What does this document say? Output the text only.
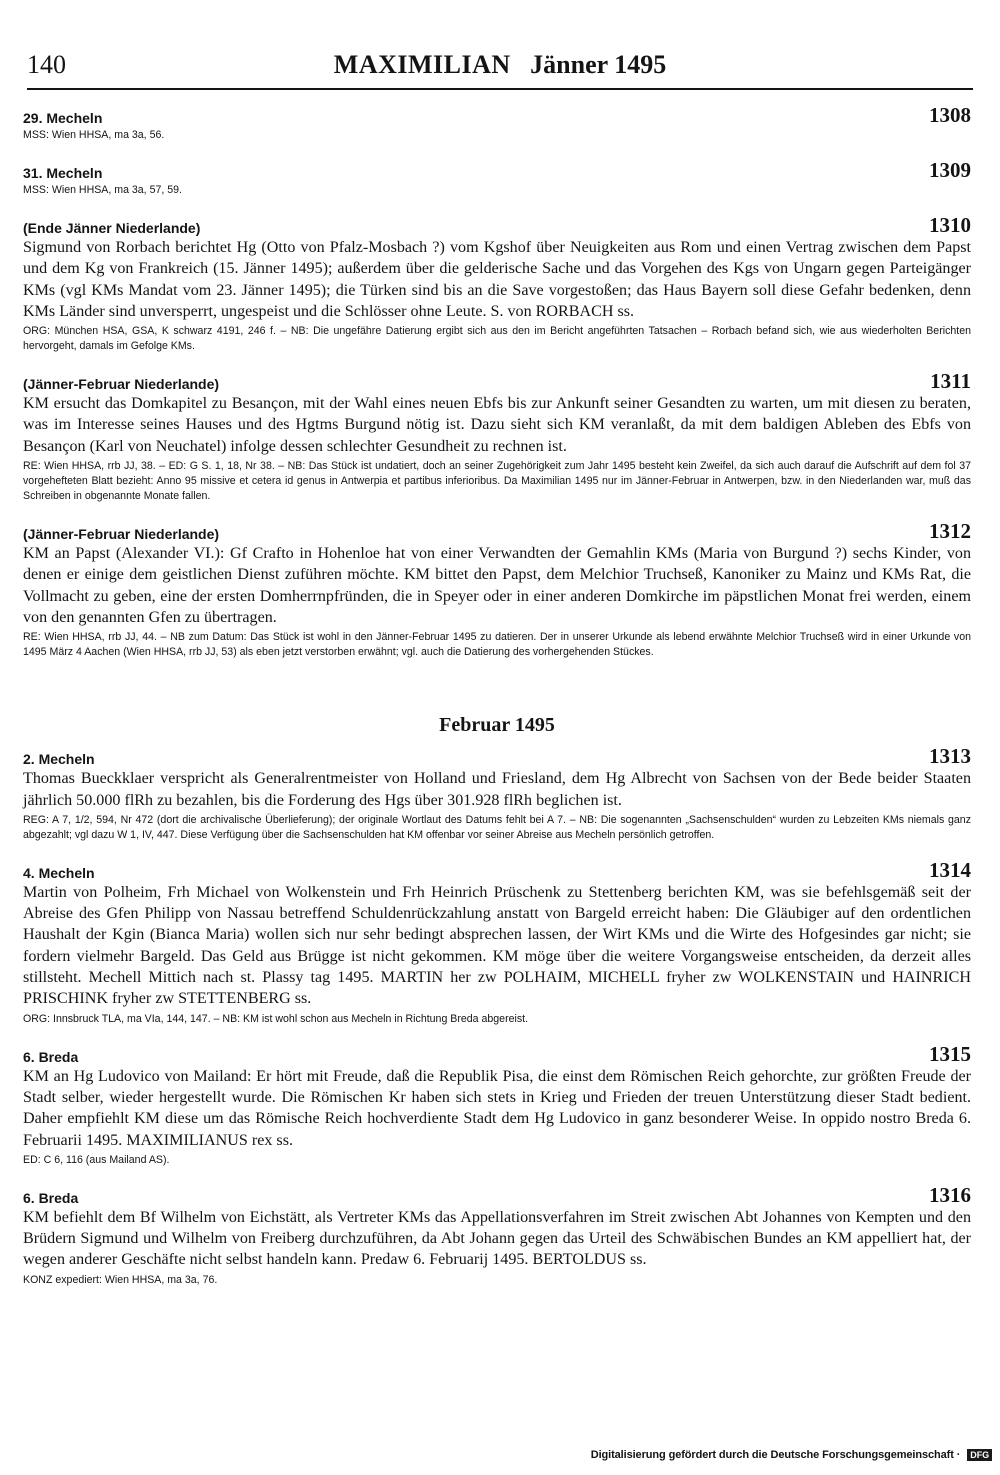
140	MAXIMILIAN Jänner 1495
29. Mecheln	1308

MSS: Wien HHSA, ma 3a, 56.

31. Mecheln	1309

MSS: Wien HHSA, ma 3a, 57, 59.

(Ende Jänner Niederlande)	1310

Sigmund von Rorbach berichtet Hg (Otto von Pfalz-Mosbach ?) vom Kgshof über Neuigkeiten aus Rom und einen Vertrag zwischen dem Papst und dem Kg von Frankreich (15. Jänner 1495); außerdem über die gelderische Sache und das Vorgehen des Kgs von Ungarn gegen Parteigänger KMs (vgl KMs Mandat vom 23. Jänner 1495); die Türken sind bis an die Save vorgestoßen; das Haus Bayern soll diese Gefahr bedenken, denn KMs Länder sind unversperrt, ungespeist und die Schlösser ohne Leute. S. von RORBACH ss.

ORG: München HSA, GSA, K schwarz 4191, 246 f. – NB: Die ungefähre Datierung ergibt sich aus den im Bericht angeführten Tatsachen – Rorbach befand sich, wie aus wiederholten Berichten hervorgeht, damals im Gefolge KMs.

(Jänner-Februar Niederlande)	1311

KM ersucht das Domkapitel zu Besançon, mit der Wahl eines neuen Ebfs bis zur Ankunft seiner Gesandten zu warten, um mit diesen zu beraten, was im Interesse seines Hauses und des Hgtms Burgund nötig ist. Dazu sieht sich KM veranlaßt, da mit dem baldigen Ableben des Ebfs von Besançon (Karl von Neuchatel) infolge dessen schlechter Gesundheit zu rechnen ist.

RE: Wien HHSA, rrb JJ, 38. – ED: G S. 1, 18, Nr 38. – NB: Das Stück ist undatiert, doch an seiner Zugehörigkeit zum Jahr 1495 besteht kein Zweifel, da sich auch darauf die Aufschrift auf dem fol 37 vorgehefteten Blatt bezieht: Anno 95 missive et cetera id genus in Antwerpia et partibus inferioribus. Da Maximilian 1495 nur im Jänner-Februar in Antwerpen, bzw. in den Niederlanden war, muß das Schreiben in obgenannte Monate fallen.

(Jänner-Februar Niederlande)	1312

KM an Papst (Alexander VI.): Gf Crafto in Hohenloe hat von einer Verwandten der Gemahlin KMs (Maria von Burgund ?) sechs Kinder, von denen er einige dem geistlichen Dienst zuführen möchte. KM bittet den Papst, dem Melchior Truchseß, Kanoniker zu Mainz und KMs Rat, die Vollmacht zu geben, eine der ersten Domherrnpfründen, die in Speyer oder in einer anderen Domkirche im päpstlichen Monat frei werden, einem von den genannten Gfen zu übertragen.

RE: Wien HHSA, rrb JJ, 44. – NB zum Datum: Das Stück ist wohl in den Jänner-Februar 1495 zu datieren. Der in unserer Urkunde als lebend erwähnte Melchior Truchseß wird in einer Urkunde von 1495 März 4 Aachen (Wien HHSA, rrb JJ, 53) als eben jetzt verstorben erwähnt; vgl. auch die Datierung des vorhergehenden Stückes.

Februar 1495
2. Mecheln	1313

Thomas Bueckklaer verspricht als Generalrentmeister von Holland und Friesland, dem Hg Albrecht von Sachsen von der Bede beider Staaten jährlich 50.000 flRh zu bezahlen, bis die Forderung des Hgs über 301.928 flRh beglichen ist.

REG: A 7, 1/2, 594, Nr 472 (dort die archivalische Überlieferung); der originale Wortlaut des Datums fehlt bei A 7. – NB: Die sogenannten „Sachsenschulden“ wurden zu Lebzeiten KMs niemals ganz abgezahlt; vgl dazu W 1, IV, 447. Diese Verfügung über die Sachsenschulden hat KM offenbar vor seiner Abreise aus Mecheln persönlich getroffen.

4. Mecheln	1314

Martin von Polheim, Frh Michael von Wolkenstein und Frh Heinrich Prüschenk zu Stettenberg berichten KM, was sie befehlsgemäß seit der Abreise des Gfen Philipp von Nassau betreffend Schuldenrückzahlung anstatt von Bargeld erreicht haben: Die Gläubiger auf den ordentlichen Haushalt der Kgin (Bianca Maria) wollen sich nur sehr bedingt absprechen lassen, der Wirt KMs und die Wirte des Hofgesindes gar nicht; sie fordern vielmehr Bargeld. Das Geld aus Brügge ist nicht gekommen. KM möge über die weitere Vorgangsweise entscheiden, da derzeit alles stillsteht. Mechell Mittich nach st. Plassy tag 1495. MARTIN her zw POLHAIM, MICHELL fryher zw WOLKENSTAIN und HAINRICH PRISCHINK fryher zw STETTENBERG ss.

ORG: Innsbruck TLA, ma VIa, 144, 147. – NB: KM ist wohl schon aus Mecheln in Richtung Breda abgereist.

6. Breda	1315

KM an Hg Ludovico von Mailand: Er hört mit Freude, daß die Republik Pisa, die einst dem Römischen Reich gehorchte, zur größten Freude der Stadt selber, wieder hergestellt wurde. Die Römischen Kr haben sich stets in Krieg und Frieden der treuen Unterstützung dieser Stadt bedient. Daher empfiehlt KM diese um das Römische Reich hochverdiente Stadt dem Hg Ludovico in ganz besonderer Weise. In oppido nostro Breda 6. Februarii 1495. MAXIMILIANUS rex ss.

ED: C 6, 116 (aus Mailand AS).

6. Breda	1316

KM befiehlt dem Bf Wilhelm von Eichstätt, als Vertreter KMs das Appellationsverfahren im Streit zwischen Abt Johannes von Kempten und den Brüdern Sigmund und Wilhelm von Freiberg durchzuführen, da Abt Johann gegen das Urteil des Schwäbischen Bundes an KM appelliert hat, der wegen anderer Geschäfte nicht selbst handeln kann. Predaw 6. Februarij 1495. BERTOLDUS ss.

KONZ expediert: Wien HHSA, ma 3a, 76.

Digitalisierung gefördert durch die Deutsche Forschungsgemeinschaft · DFG
